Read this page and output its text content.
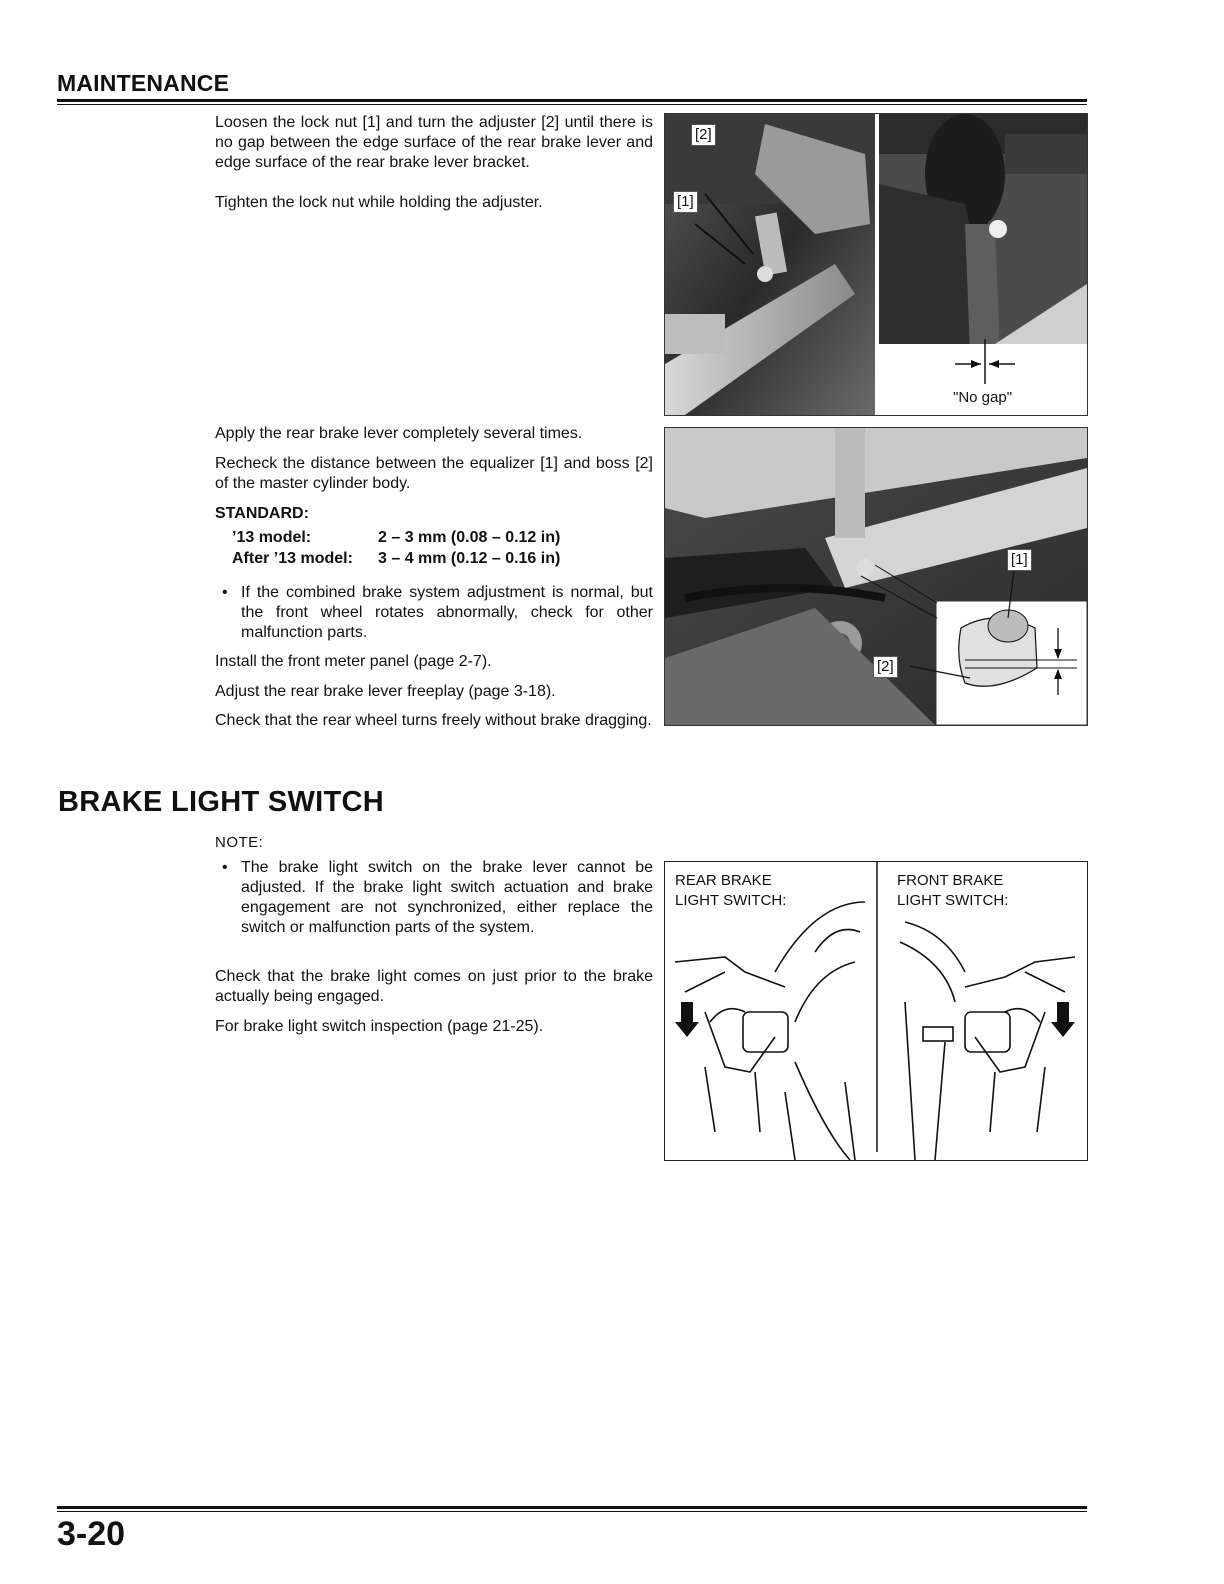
MAINTENANCE
Loosen the lock nut [1] and turn the adjuster [2] until there is no gap between the edge surface of the rear brake lever and edge surface of the rear brake lever bracket.
Tighten the lock nut while holding the adjuster.
[2]
[1]
"No gap"
Apply the rear brake lever completely several times.
Recheck the distance between the equalizer [1] and boss [2] of the master cylinder body.
STANDARD:
’13 model:	2 – 3 mm (0.08 – 0.12 in)
After ’13 model:	3 – 4 mm (0.12 – 0.16 in)
• If the combined brake system adjustment is normal, but the front wheel rotates abnormally, check for other malfunction parts.
Install the front meter panel (page 2-7).
Adjust the rear brake lever freeplay (page 3-18).
Check that the rear wheel turns freely without brake dragging.
[1]
[2]
BRAKE LIGHT SWITCH
NOTE:
• The brake light switch on the brake lever cannot be adjusted. If the brake light switch actuation and brake engagement are not synchronized, either replace the switch or malfunction parts of the system.
Check that the brake light comes on just prior to the brake actually being engaged.
For brake light switch inspection (page 21-25).
REAR BRAKE
LIGHT SWITCH:
FRONT BRAKE
LIGHT SWITCH:
3-20
